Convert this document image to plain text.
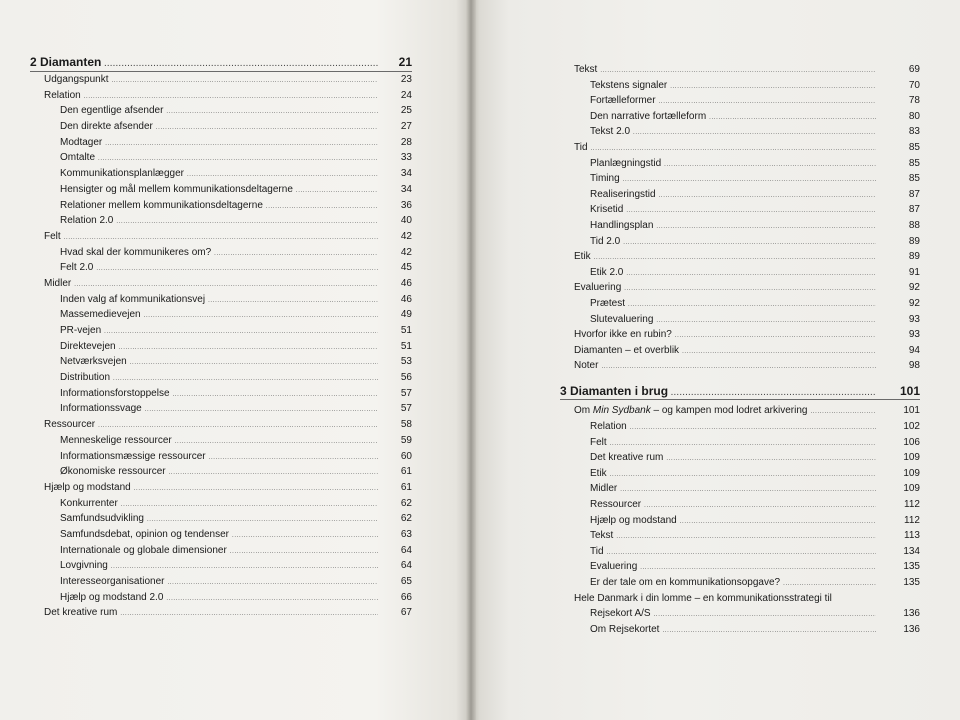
2 Diamanten . . .	21
Udgangspunkt . . .	23
Relation . . .	24
Den egentlige afsender . . .	25
Den direkte afsender . . .	27
Modtager . . .	28
Omtalte . . .	33
Kommunikationsplanlægger . . .	34
Hensigter og mål mellem kommunikationsdeltagerne . . .	34
Relationer mellem kommunikationsdeltagerne . . .	36
Relation 2.0 . . .	40
Felt . . .	42
Hvad skal der kommunikeres om? . . .	42
Felt 2.0 . . .	45
Midler . . .	46
Inden valg af kommunikationsvej . . .	46
Massemedievejen . . .	49
PR-vejen . . .	51
Direktevejen . . .	51
Netværksvejen . . .	53
Distribution . . .	56
Informationsforstoppelse . . .	57
Informationssvage . . .	57
Ressourcer . . .	58
Menneskelige ressourcer . . .	59
Informationsmæssige ressourcer . . .	60
Økonomiske ressourcer . . .	61
Hjælp og modstand . . .	61
Konkurrenter . . .	62
Samfundsudvikling . . .	62
Samfundsdebat, opinion og tendenser . . .	63
Internationale og globale dimensioner . . .	64
Lovgivning . . .	64
Interesseorganisationer . . .	65
Hjælp og modstand 2.0 . . .	66
Det kreative rum . . .	67
Tekst . . .	69
Tekstens signaler . . .	70
Fortælleformer . . .	78
Den narrative fortælleform . . .	80
Tekst 2.0 . . .	83
Tid . . .	85
Planlægningstid . . .	85
Timing . . .	85
Realiseringstid . . .	87
Krisetid . . .	87
Handlingsplan . . .	88
Tid 2.0 . . .	89
Etik . . .	89
Etik 2.0 . . .	91
Evaluering . . .	92
Prætest . . .	92
Slutevaluering . . .	93
Hvorfor ikke en rubin? . . .	93
Diamanten – et overblik . . .	94
Noter . . .	98
3 Diamanten i brug . . .	101
Om Min Sydbank – og kampen mod lodret arkivering . . .	101
Relation . . .	102
Felt . . .	106
Det kreative rum . . .	109
Etik . . .	109
Midler . . .	109
Ressourcer . . .	112
Hjælp og modstand . . .	112
Tekst . . .	113
Tid . . .	134
Evaluering . . .	135
Er der tale om en kommunikationsopgave? . . .	135
Hele Danmark i din lomme – en kommunikationsstrategi til
Rejsekort A/S . . .	136
Om Rejsekortet . . .	136
